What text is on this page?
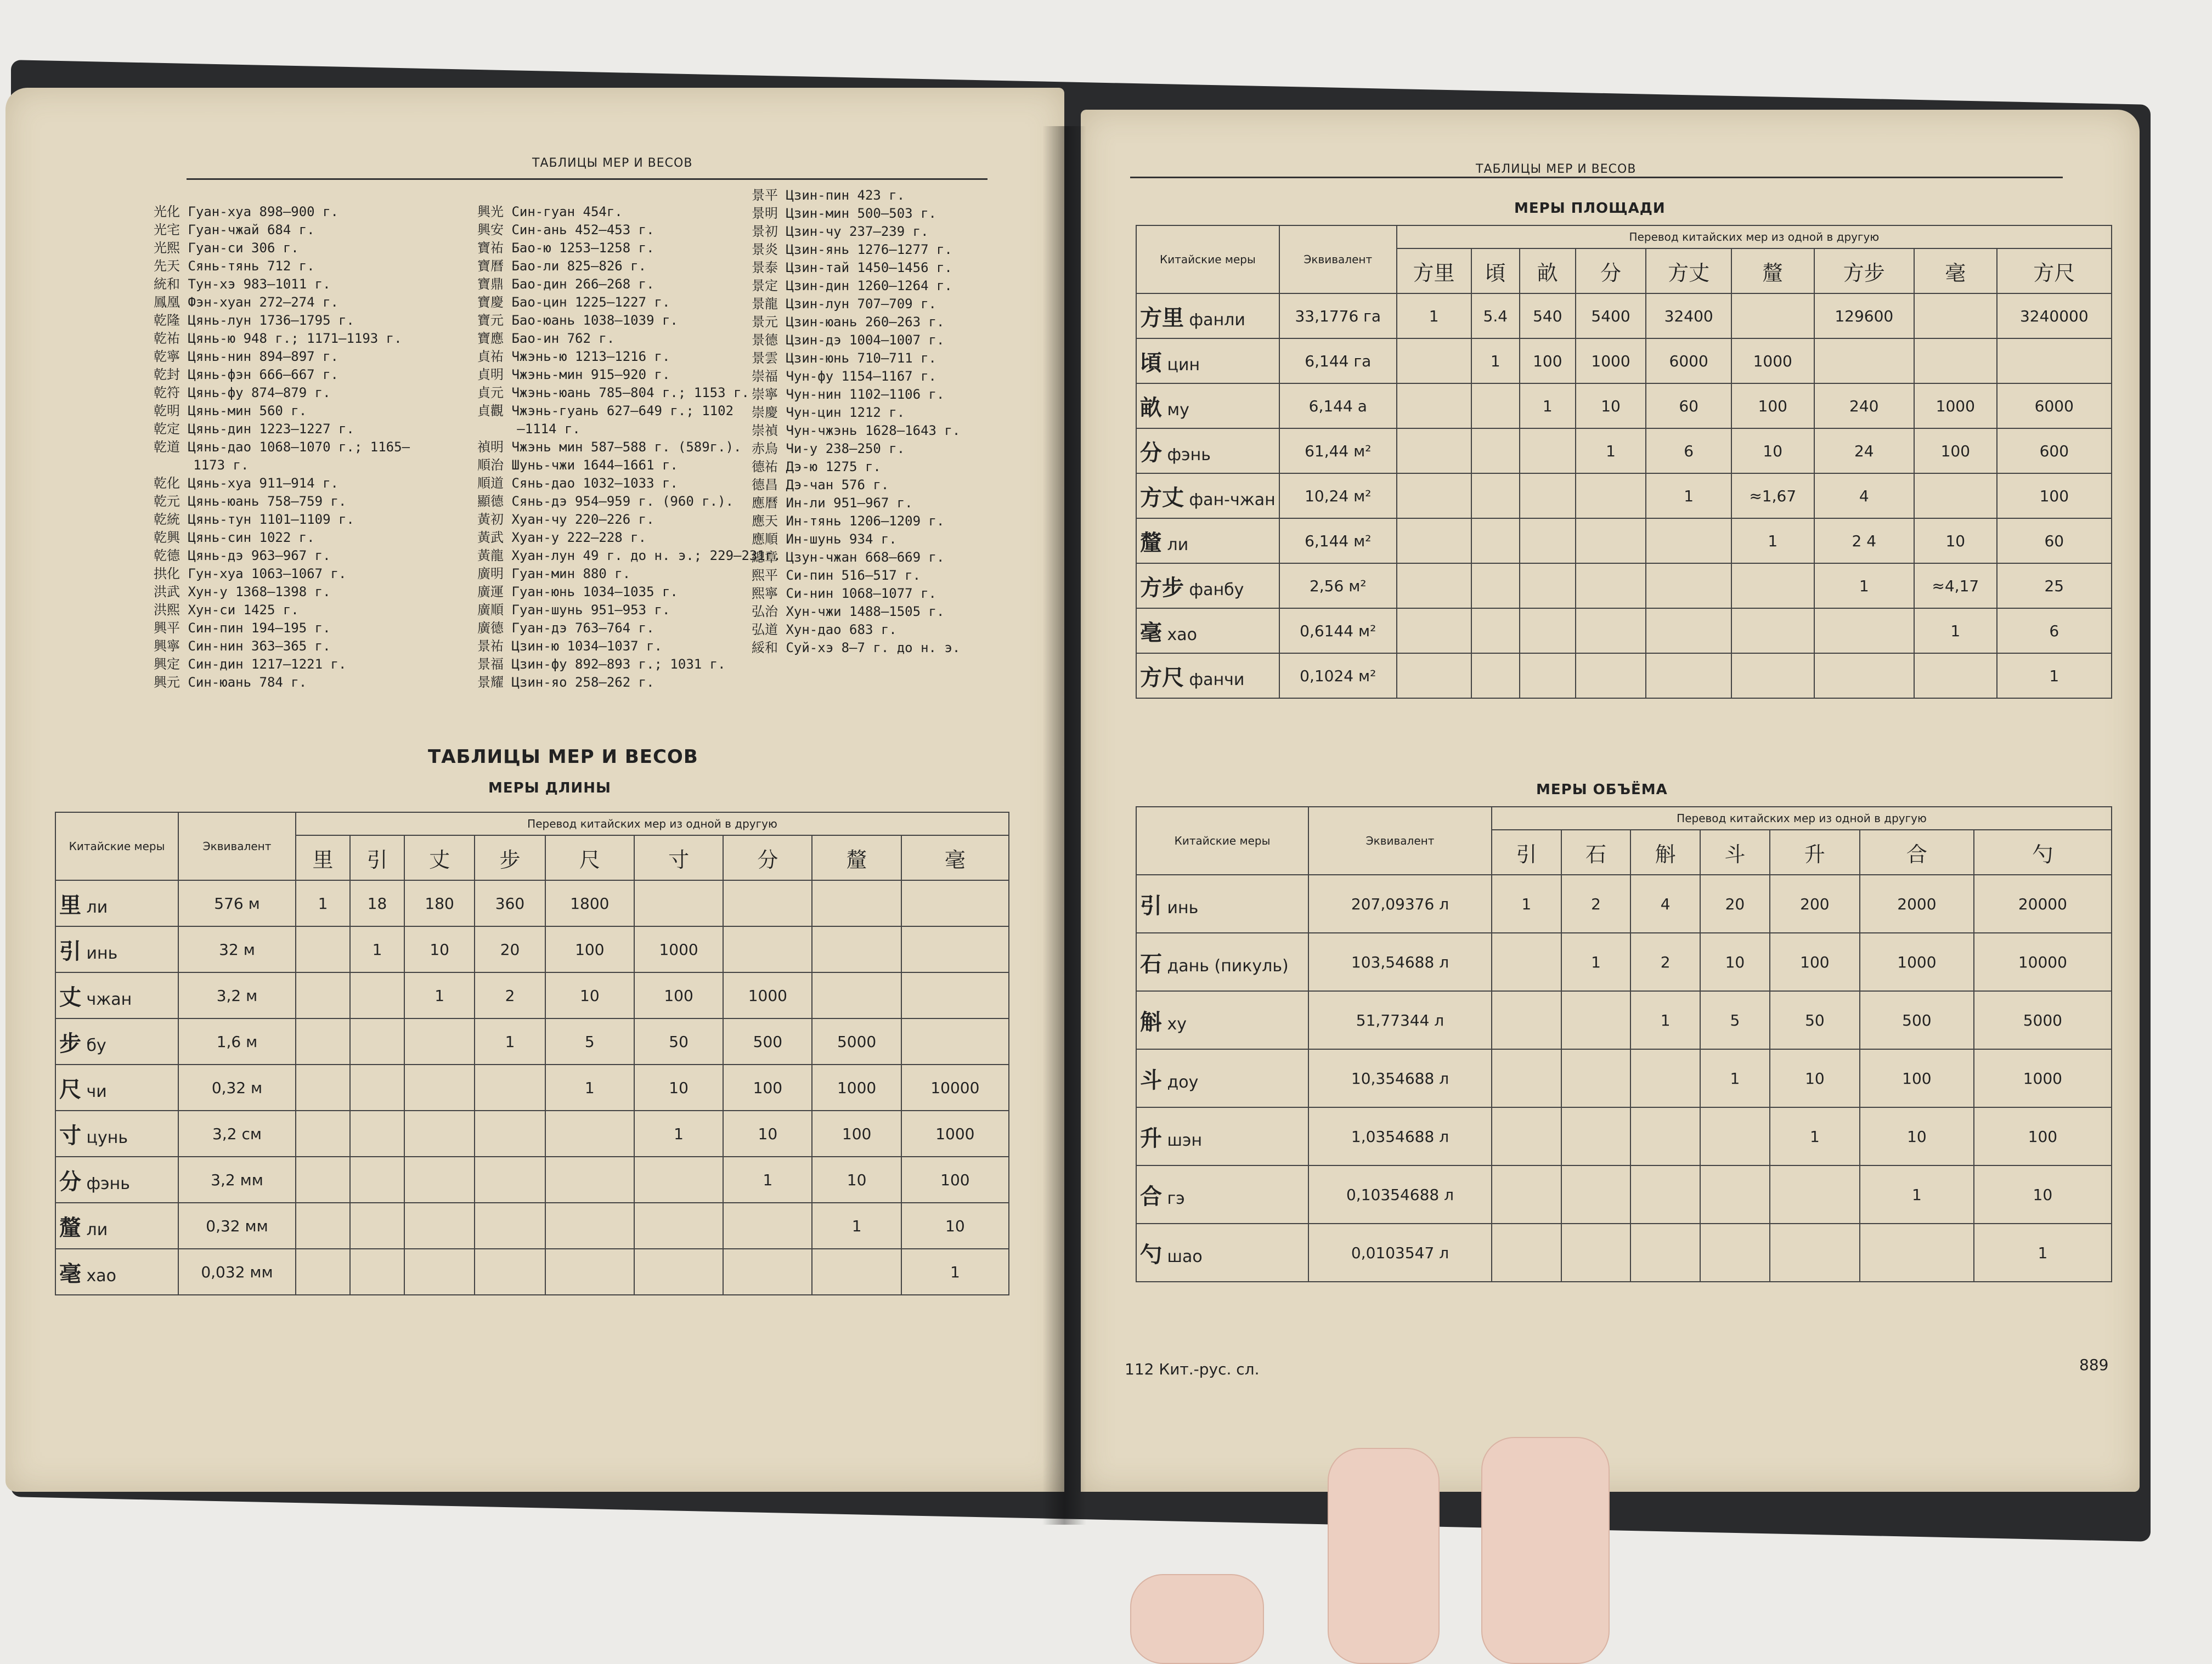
ТАБЛИЦЫ МЕР И ВЕСОВ
光化 Гуан-хуа 898—900 г.
光宅 Гуан-чжай 684 г.
光熙 Гуан-си 306 г.
先天 Сянь-тянь 712 г.
統和 Тун-хэ 983—1011 г.
鳳凰 Фэн-хуан 272—274 г.
乾隆 Цянь-лун 1736—1795 г.
乾祐 Цянь-ю 948 г.; 1171—1193 г.
乾寧 Цянь-нин 894—897 г.
乾封 Цянь-фэн 666—667 г.
乾符 Цянь-фу 874—879 г.
乾明 Цянь-мин 560 г.
乾定 Цянь-дин 1223—1227 г.
乾道 Цянь-дао 1068—1070 г.; 1165—
1173 г.
乾化 Цянь-хуа 911—914 г.
乾元 Цянь-юань 758—759 г.
乾統 Цянь-тун 1101—1109 г.
乾興 Цянь-син 1022 г.
乾德 Цянь-дэ 963—967 г.
拱化 Гун-хуа 1063—1067 г.
洪武 Хун-у 1368—1398 г.
洪熙 Хун-си 1425 г.
興平 Син-пин 194—195 г.
興寧 Син-нин 363—365 г.
興定 Син-дин 1217—1221 г.
興元 Син-юань 784 г.
興光 Син-гуан 454г.
興安 Син-ань 452—453 г.
寶祐 Бао-ю 1253—1258 г.
寶曆 Бао-ли 825—826 г.
寶鼎 Бао-дин 266—268 г.
寶慶 Бао-цин 1225—1227 г.
寶元 Бао-юань 1038—1039 г.
寶應 Бао-ин 762 г.
貞祐 Чжэнь-ю 1213—1216 г.
貞明 Чжэнь-мин 915—920 г.
貞元 Чжэнь-юань 785—804 г.; 1153 г.
貞觀 Чжэнь-гуань 627—649 г.; 1102
—1114 г.
禎明 Чжэнь мин 587—588 г. (589г.).
順治 Шунь-чжи 1644—1661 г.
順道 Сянь-дао 1032—1033 г.
顯德 Сянь-дэ 954—959 г. (960 г.).
黃初 Хуан-чу 220—226 г.
黃武 Хуан-у 222—228 г.
黃龍 Хуан-лун 49 г. до н. э.; 229—231г.
廣明 Гуан-мин 880 г.
廣運 Гуан-юнь 1034—1035 г.
廣順 Гуан-шунь 951—953 г.
廣德 Гуан-дэ 763—764 г.
景祐 Цзин-ю 1034—1037 г.
景福 Цзин-фу 892—893 г.; 1031 г.
景耀 Цзин-яо 258—262 г.
景平 Цзин-пин 423 г.
景明 Цзин-мин 500—503 г.
景初 Цзин-чу 237—239 г.
景炎 Цзин-янь 1276—1277 г.
景泰 Цзин-тай 1450—1456 г.
景定 Цзин-дин 1260—1264 г.
景龍 Цзин-лун 707—709 г.
景元 Цзин-юань 260—263 г.
景德 Цзин-дэ 1004—1007 г.
景雲 Цзин-юнь 710—711 г.
崇福 Чун-фу 1154—1167 г.
崇寧 Чун-нин 1102—1106 г.
崇慶 Чун-цин 1212 г.
崇禎 Чун-чжэнь 1628—1643 г.
赤烏 Чи-у 238—250 г.
德祐 Дэ-ю 1275 г.
德昌 Дэ-чан 576 г.
應曆 Ин-ли 951—967 г.
應天 Ин-тянь 1206—1209 г.
應順 Ин-шунь 934 г.
總章 Цзун-чжан 668—669 г.
熙平 Си-пин 516—517 г.
熙寧 Си-нин 1068—1077 г.
弘治 Хун-чжи 1488—1505 г.
弘道 Хун-дао 683 г.
綏和 Суй-хэ 8—7 г. до н. э.
ТАБЛИЦЫ МЕР И ВЕСОВ
МЕРЫ ДЛИНЫ
Китайские меры	Эквивалент	Перевод китайских мер из одной в другую								
		里	引	丈	步	尺	寸	分	釐	毫
里 ли	576 м	1	18	180	360	1800				
引 инь	32 м		1	10	20	100	1000			
丈 чжан	3,2 м			1	2	10	100	1000		
步 бу	1,6 м				1	5	50	500	5000	
尺 чи	0,32 м					1	10	100	1000	10000
寸 цунь	3,2 см						1	10	100	1000
分 фэнь	3,2 мм							1	10	100
釐 ли	0,32 мм								1	10
毫 хао	0,032 мм									1
ТАБЛИЦЫ МЕР И ВЕСОВ
МЕРЫ ПЛОЩАДИ
Китайские меры	Эквивалент	Перевод китайских мер из одной в другую								
		方里	頃	畝	分	方丈	釐	方步	毫	方尺
方里 фанли	33,1776 га	1	5.4	540	5400	32400		129600		3240000
頃 цин	6,144 га		1	100	1000	6000	1000			
畝 му	6,144 а			1	10	60	100	240	1000	6000
分 фэнь	61,44 м²				1	6	10	24	100	600
方丈 фан-чжан	10,24 м²					1	≈1,67	4		100
釐 ли	6,144 м²						1	2 4	10	60
方步 фанбу	2,56 м²							1	≈4,17	25
毫 хао	0,6144 м²								1	6
方尺 фанчи	0,1024 м²									1
МЕРЫ ОБЪЁМА
Китайские меры	Эквивалент	Перевод китайских мер из одной в другую						
		引	石	斛	斗	升	合	勺
引 инь	207,09376 л	1	2	4	20	200	2000	20000
石 дань (пикуль)	103,54688 л		1	2	10	100	1000	10000
斛 ху	51,77344 л			1	5	50	500	5000
斗 доу	10,354688 л				1	10	100	1000
升 шэн	1,0354688 л					1	10	100
合 гэ	0,10354688 л						1	10
勺 шао	0,0103547 л							1
112 Кит.-рус. сл.	889
